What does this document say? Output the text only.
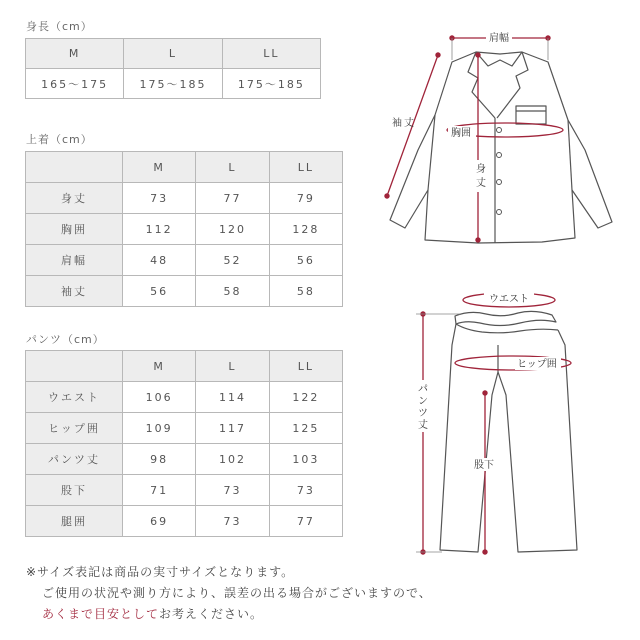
身長（cm）

M	L	LL
165〜175	175〜185	175〜185

上着（cm）

	M	L	LL
身丈	73	77	79
胸囲	112	120	128
肩幅	48	52	56
袖丈	56	58	58

パンツ（cm）

	M	L	LL
ウエスト	106	114	122
ヒップ囲	109	117	125
パンツ丈	98	102	103
股下	71	73	73
腿囲	69	73	77
肩幅
袖 丈
胸囲
身
丈
ウエスト
ヒップ囲
パ
ン
ツ
丈
股下

※サイズ表記は商品の実寸サイズとなります。

ご使用の状況や測り方により、誤差の出る場合がございますので、

あくまで目安としてお考えください。
